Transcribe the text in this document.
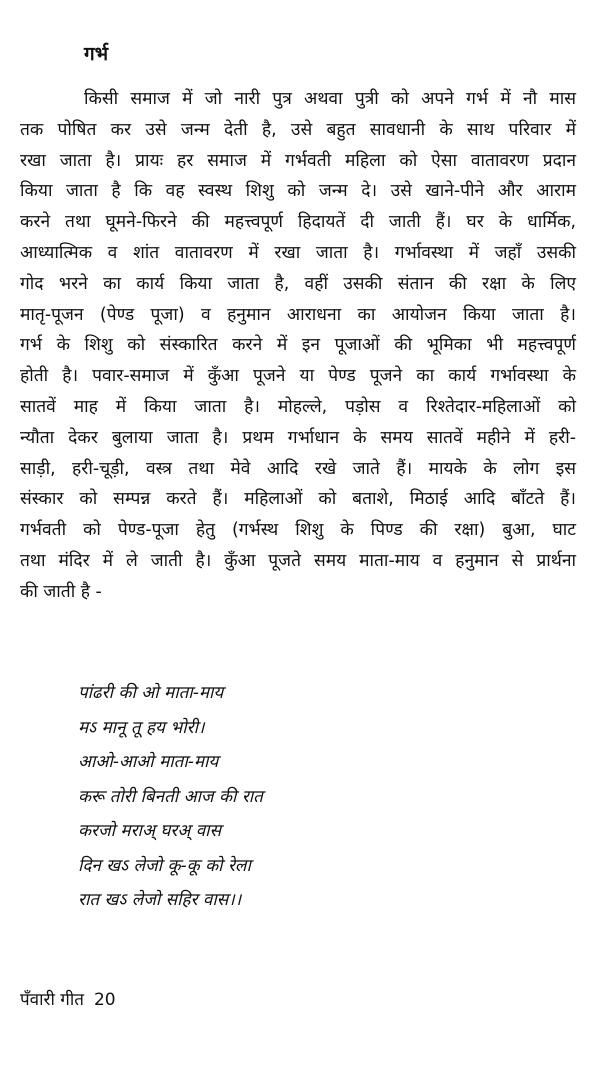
गर्भ

किसी समाज में जो नारी पुत्र अथवा पुत्री को अपने गर्भ में नौ मास
तक पोषित कर उसे जन्म देती है, उसे बहुत सावधानी के साथ परिवार में
रखा जाता है। प्रायः हर समाज में गर्भवती महिला को ऐसा वातावरण प्रदान
किया जाता है कि वह स्वस्थ शिशु को जन्म दे। उसे खाने-पीने और आराम
करने तथा घूमने-फिरने की महत्त्वपूर्ण हिदायतें दी जाती हैं। घर के धार्मिक,
आध्यात्मिक व शांत वातावरण में रखा जाता है। गर्भावस्था में जहाँ उसकी
गोद भरने का कार्य किया जाता है, वहीं उसकी संतान की रक्षा के लिए
मातृ-पूजन (पेण्ड पूजा) व हनुमान आराधना का आयोजन किया जाता है।
गर्भ के शिशु को संस्कारित करने में इन पूजाओं की भूमिका भी महत्त्वपूर्ण
होती है। पवार-समाज में कुँआ पूजने या पेण्ड पूजने का कार्य गर्भावस्था के
सातवें माह में किया जाता है। मोहल्ले, पड़ोस व रिश्तेदार-महिलाओं को
न्यौता देकर बुलाया जाता है। प्रथम गर्भाधान के समय सातवें महीने में हरी-
साड़ी, हरी-चूड़ी, वस्त्र तथा मेवे आदि रखे जाते हैं। मायके के लोग इस
संस्कार को सम्पन्न करते हैं। महिलाओं को बताशे, मिठाई आदि बाँटते हैं।
गर्भवती को पेण्ड-पूजा हेतु (गर्भस्थ शिशु के पिण्ड की रक्षा) बुआ, घाट
तथा मंदिर में ले जाती है। कुँआ पूजते समय माता-माय व हनुमान से प्रार्थना
की जाती है -

पांढरी की ओ माता-माय
मऽ मानू तू हय भोरी।
आओ-आओ माता-माय
करू तोरी बिनती आज की रात
करजो मराअ् घरअ् वास
दिन खऽ लेजो कू-कू को रेला
रात खऽ लेजो सहिर वास।।

पँवारी गीत 20
